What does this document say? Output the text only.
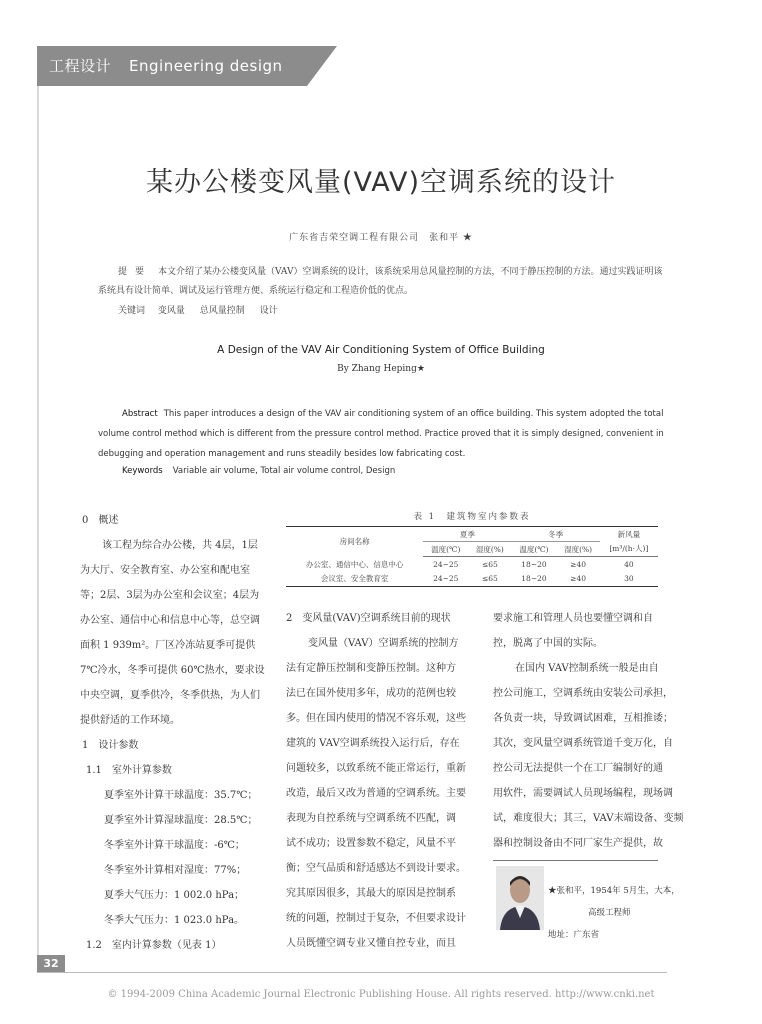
工程设计 Engineering design
某办公楼变风量(VAV)空调系统的设计
广东省吉荣空调工程有限公司　张和平 ★
提要 本文介绍了某办公楼变风量（VAV）空调系统的设计，该系统采用总风量控制的方法，不同于静压控制的方法。通过实践证明该系统具有设计简单、调试及运行管理方便、系统运行稳定和工程造价低的优点。
关键词 变风量 总风量控制 设计
A Design of the VAV Air Conditioning System of Office Building
By Zhang Heping★
Abstract This paper introduces a design of the VAV air conditioning system of an office building. This system adopted the total volume control method which is different from the pressure control method. Practice proved that it is simply designed, convenient in debugging and operation management and runs steadily besides low fabricating cost.
Keywords Variable air volume, Total air volume control, Design

0　概述

该工程为综合办公楼，共 4层，1层

为大厅、安全教育室、办公室和配电室

等；2层、3层为办公室和会议室；4层为

办公室、通信中心和信息中心等，总空调

面积 1 939m²。厂区冷冻站夏季可提供

7℃冷水，冬季可提供 60℃热水，要求设

中央空调，夏季供冷，冬季供热，为人们

提供舒适的工作环境。

1　设计参数

1.1　室外计算参数

夏季室外计算干球温度：35.7℃；

夏季室外计算湿球温度：28.5℃；

冬季室外计算干球温度：-6℃；

冬季室外计算相对湿度：77%；

夏季大气压力：1 002.0 hPa；

冬季大气压力：1 023.0 hPa。

1.2　室内计算参数（见表 1）

表 1　建筑物室内参数表
房间名称	夏季		冬季		新风量
	温度(℃)	湿度(%)	温度(℃)	湿度(%)	[m³/(h·人)]
办公室、通信中心、信息中心	24~25	≤65	18~20	≥40	40
会议室、安全教育室	24~25	≤65	18~20	≥40	30

2　变风量(VAV)空调系统目前的现状

变风量（VAV）空调系统的控制方

法有定静压控制和变静压控制。这种方

法已在国外使用多年，成功的范例也较

多。但在国内使用的情况不容乐观，这些

建筑的 VAV空调系统投入运行后，存在

问题较多，以致系统不能正常运行，重新

改造，最后又改为普通的空调系统。主要

表现为自控系统与空调系统不匹配，调

试不成功；设置参数不稳定，风量不平

衡；空气品质和舒适感达不到设计要求。

究其原因很多，其最大的原因是控制系

统的问题，控制过于复杂，不但要求设计

人员既懂空调专业又懂自控专业，而且

要求施工和管理人员也要懂空调和自

控，脱离了中国的实际。

在国内 VAV控制系统一般是由自

控公司施工，空调系统由安装公司承担，

各负责一块，导致调试困难，互相推诿；

其次，变风量空调系统管道千变万化，自

控公司无法提供一个在工厂编制好的通

用软件，需要调试人员现场编程，现场调

试，难度很大；其三，VAV末端设备、变频

器和控制设备由不同厂家生产提供，故

★张和平，1954年 5月生，大本，

高级工程师

地址：广东省

32
© 1994-2009 China Academic Journal Electronic Publishing House. All rights reserved. http://www.cnki.net
